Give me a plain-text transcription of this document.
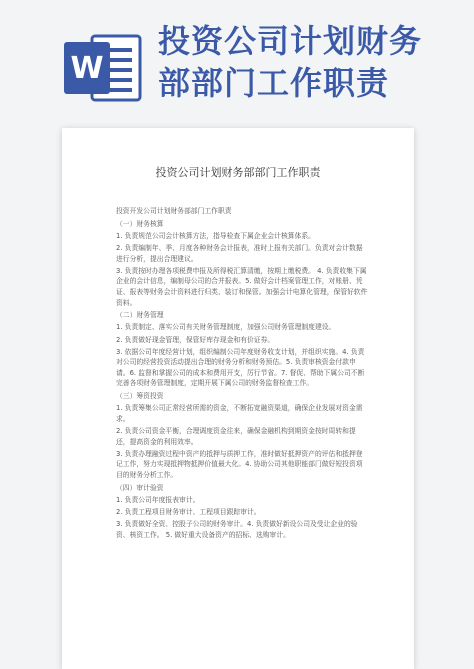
W
投资公司计划财务
部部门工作职责
投资公司计划财务部部门工作职责

投资开发公司计划财务部部门工作职责

（一）财务核算

1. 负责规范公司会计核算方法，指导检查下属企业会计核算体系。

2. 负责编制年、季、月度各种财务会计报表，准时上报有关部门。负责对会计数据进行分析，提出合理建议。

3. 负责按时办理各项税费申报及所得税汇算清缴，按期上缴税费。 4. 负责收集下属企业的会计信息，编制母公司的合并报表。5. 做好会计档案管理工作，对账册、凭证、报表等财务会计资料进行归类、装订和保管。加强会计电算化管理，保管好软件资料。

（二）财务管理

1. 负责制定、落实公司有关财务管理制度，加强公司财务管理制度建设。

2. 负责做好现金管理，保管好库存现金和有价证券。

3. 依据公司年度经营计划，组织编制公司年度财务收支计划，并组织实施。4. 负责对公司的经营投资活动提出合理的财务分析和财务预估。5. 负责审核资金付款申请。6. 监督和掌握公司的成本和费用开支，厉行节省。7. 督促、帮助下属公司不断完善各项财务管理制度，定期开展下属公司的财务监督检查工作。

（三）筹资投资

1. 负责筹集公司正常经营所需的资金，不断拓宽融资渠道，确保企业发展对资金需求。

2. 负责公司资金平衡，合理调度资金往来，确保金融机构到期资金按时周转和提还，提高资金的利用效率。

3. 负责办理融资过程中资产的抵押与质押工作，准时做好抵押资产的评估和抵押登记工作，努力实现抵押物抵押价值最大化。4. 协助公司其他职能部门做好短投资项目的财务分析工作。

（四）审计验资

1. 负责公司年度报表审计。

2. 负责工程项目财务审计、工程项目跟踪审计。

3. 负责做好全资、控股子公司的财务审计。4. 负责做好新设公司及受让企业的验资、核资工作。 5. 做好重大设备资产的招标、选购审计。
